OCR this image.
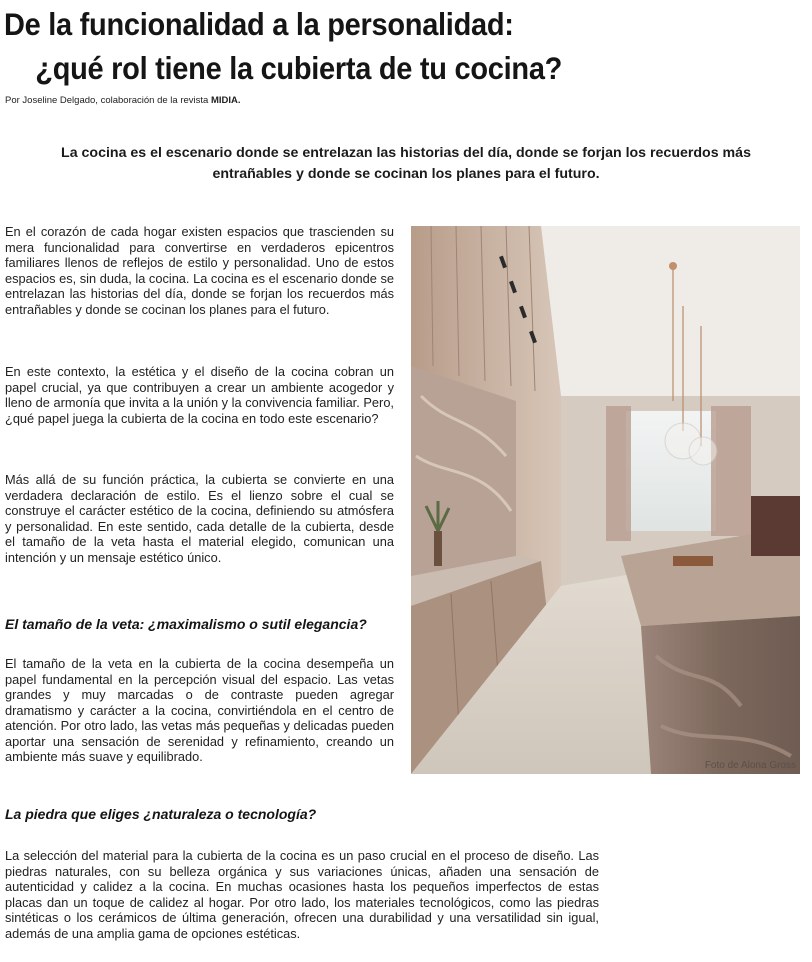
De la funcionalidad a la personalidad:
¿qué rol tiene la cubierta de tu cocina?
Por Joseline Delgado, colaboración de la revista MIDIA.
La cocina es el escenario donde se entrelazan las historias del día, donde se forjan los recuerdos más entrañables y donde se cocinan los planes para el futuro.

En el corazón de cada hogar existen espacios que trascienden su mera funcionalidad para convertirse en verdaderos epicentros familiares llenos de reflejos de estilo y personalidad. Uno de estos espacios es, sin duda, la cocina. La cocina es el escenario donde se entrelazan las historias del día, donde se forjan los recuerdos más entrañables y donde se cocinan los planes para el futuro.

En este contexto, la estética y el diseño de la cocina cobran un papel crucial, ya que contribuyen a crear un ambiente acogedor y lleno de armonía que invita a la unión y la convivencia familiar. Pero, ¿qué papel juega la cubierta de la cocina en todo este escenario?

Más allá de su función práctica, la cubierta se convierte en una verdadera declaración de estilo. Es el lienzo sobre el cual se construye el carácter estético de la cocina, definiendo su atmósfera y personalidad. En este sentido, cada detalle de la cubierta, desde el tamaño de la veta hasta el material elegido, comunican una intención y un mensaje estético único.

El tamaño de la veta: ¿maximalismo o sutil elegancia?

El tamaño de la veta en la cubierta de la cocina desempeña un papel fundamental en la percepción visual del espacio. Las vetas grandes y muy marcadas o de contraste pueden agregar dramatismo y carácter a la cocina, convirtiéndola en el centro de atención. Por otro lado, las vetas más pequeñas y delicadas pueden aportar una sensación de serenidad y refinamiento, creando un ambiente más suave y equilibrado.

La piedra que eliges ¿naturaleza o tecnología?

La selección del material para la cubierta de la cocina es un paso crucial en el proceso de diseño. Las piedras naturales, con su belleza orgánica y sus variaciones únicas, añaden una sensación de autenticidad y calidez a la cocina. En muchas ocasiones hasta los pequeños imperfectos de estas placas dan un toque de calidez al hogar. Por otro lado, los materiales tecnológicos, como las piedras sintéticas o los cerámicos de última generación, ofrecen una durabilidad y una versatilidad sin igual, además de una amplia gama de opciones estéticas.

Foto de Alona Gross
